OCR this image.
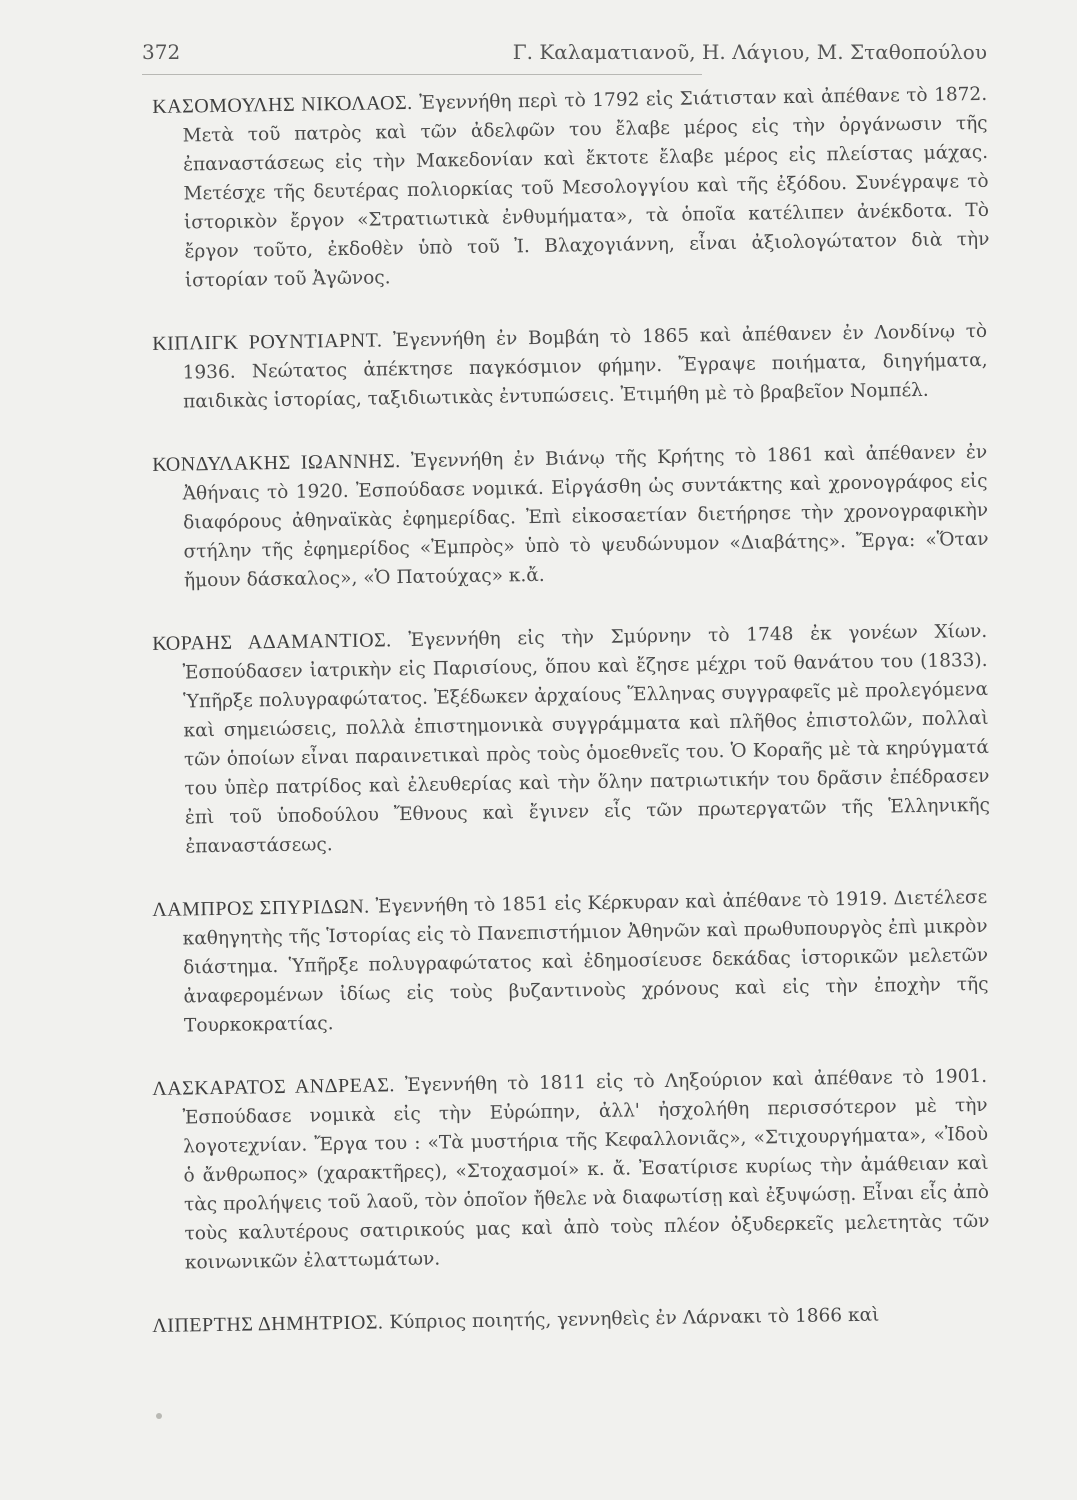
372	Γ. Καλαματιανοῦ, Η. Λάγιου, Μ. Σταθοπούλου
ΚΑΣΟΜΟΥΛΗΣ ΝΙΚΟΛΑΟΣ. Ἐγεννήθη περὶ τὸ 1792 εἰς Σιάτισταν καὶ ἀπέθανε τὸ 1872. Μετὰ τοῦ πατρὸς καὶ τῶν ἀδελφῶν του ἔλαβε μέρος εἰς τὴν ὀργάνωσιν τῆς ἐπαναστάσεως εἰς τὴν Μακεδονίαν καὶ ἔκτοτε ἔλαβε μέρος εἰς πλείστας μάχας. Μετέσχε τῆς δευτέρας πολιορκίας τοῦ Μεσολογγίου καὶ τῆς ἐξόδου. Συνέγραψε τὸ ἱστορικὸν ἔργον «Στρατιωτικὰ ἐνθυμήματα», τὰ ὁποῖα κατέλιπεν ἀνέκδοτα. Τὸ ἔργον τοῦτο, ἐκδοθὲν ὑπὸ τοῦ Ἰ. Βλαχογιάννη, εἶναι ἀξιολογώτατον διὰ τὴν ἱστορίαν τοῦ Ἀγῶνος.
ΚΙΠΛΙΓΚ ΡΟΥΝΤΙΑΡΝΤ. Ἐγεννήθη ἐν Βομβάη τὸ 1865 καὶ ἀπέθανεν ἐν Λονδίνῳ τὸ 1936. Νεώτατος ἀπέκτησε παγκόσμιον φήμην. Ἔγραψε ποιήματα, διηγήματα, παιδικὰς ἱστορίας, ταξιδιωτικὰς ἐντυπώσεις. Ἐτιμήθη μὲ τὸ βραβεῖον Νομπέλ.
ΚΟΝΔΥΛΑΚΗΣ ΙΩΑΝΝΗΣ. Ἐγεννήθη ἐν Βιάνῳ τῆς Κρήτης τὸ 1861 καὶ ἀπέθανεν ἐν Ἀθήναις τὸ 1920. Ἐσπούδασε νομικά. Εἰργάσθη ὡς συντάκτης καὶ χρονογράφος εἰς διαφόρους ἀθηναϊκὰς ἐφημερίδας. Ἐπὶ εἰκοσαετίαν διετήρησε τὴν χρονογραφικὴν στήλην τῆς ἐφημερίδος «Ἐμπρὸς» ὑπὸ τὸ ψευδώνυμον «Διαβάτης». Ἔργα: «Ὅταν ἤμουν δάσκαλος», «Ὁ Πατούχας» κ.ἄ.
ΚΟΡΑΗΣ ΑΔΑΜΑΝΤΙΟΣ. Ἐγεννήθη εἰς τὴν Σμύρνην τὸ 1748 ἐκ γονέων Χίων. Ἐσπούδασεν ἰατρικὴν εἰς Παρισίους, ὅπου καὶ ἔζησε μέχρι τοῦ θανάτου του (1833). Ὑπῆρξε πολυγραφώτατος. Ἐξέδωκεν ἀρχαίους Ἕλληνας συγγραφεῖς μὲ προλεγόμενα καὶ σημειώσεις, πολλὰ ἐπιστημονικὰ συγγράμματα καὶ πλῆθος ἐπιστολῶν, πολλαὶ τῶν ὁποίων εἶναι παραινετικαὶ πρὸς τοὺς ὁμοεθνεῖς του. Ὁ Κοραῆς μὲ τὰ κηρύγματά του ὑπὲρ πατρίδος καὶ ἐλευθερίας καὶ τὴν ὅλην πατριωτικήν του δρᾶσιν ἐπέδρασεν ἐπὶ τοῦ ὑποδούλου Ἔθνους καὶ ἔγινεν εἷς τῶν πρωτεργατῶν τῆς Ἑλληνικῆς ἐπαναστάσεως.
ΛΑΜΠΡΟΣ ΣΠΥΡΙΔΩΝ. Ἐγεννήθη τὸ 1851 εἰς Κέρκυραν καὶ ἀπέθανε τὸ 1919. Διετέλεσε καθηγητὴς τῆς Ἱστορίας εἰς τὸ Πανεπιστήμιον Ἀθηνῶν καὶ πρωθυπουργὸς ἐπὶ μικρὸν διάστημα. Ὑπῆρξε πολυγραφώτατος καὶ ἐδημοσίευσε δεκάδας ἱστορικῶν μελετῶν ἀναφερομένων ἰδίως εἰς τοὺς βυζαντινοὺς χρόνους καὶ εἰς τὴν ἐποχὴν τῆς Τουρκοκρατίας.
ΛΑΣΚΑΡΑΤΟΣ ΑΝΔΡΕΑΣ. Ἐγεννήθη τὸ 1811 εἰς τὸ Ληξούριον καὶ ἀπέθανε τὸ 1901. Ἐσπούδασε νομικὰ εἰς τὴν Εὐρώπην, ἀλλ' ἠσχολήθη περισσότερον μὲ τὴν λογοτεχνίαν. Ἔργα του : «Τὰ μυστήρια τῆς Κεφαλλονιᾶς», «Στιχουργήματα», «Ἰδοὺ ὁ ἄνθρωπος» (χαρακτῆρες), «Στοχασμοί» κ. ἄ. Ἐσατίρισε κυρίως τὴν ἀμάθειαν καὶ τὰς προλήψεις τοῦ λαοῦ, τὸν ὁποῖον ἤθελε νὰ διαφωτίσῃ καὶ ἐξυψώσῃ. Εἶναι εἷς ἀπὸ τοὺς καλυτέρους σατιρικούς μας καὶ ἀπὸ τοὺς πλέον ὀξυδερκεῖς μελετητὰς τῶν κοινωνικῶν ἐλαττωμάτων.
ΛΙΠΕΡΤΗΣ ΔΗΜΗΤΡΙΟΣ. Κύπριος ποιητής, γεννηθεὶς ἐν Λάρνακι τὸ 1866 καὶ
